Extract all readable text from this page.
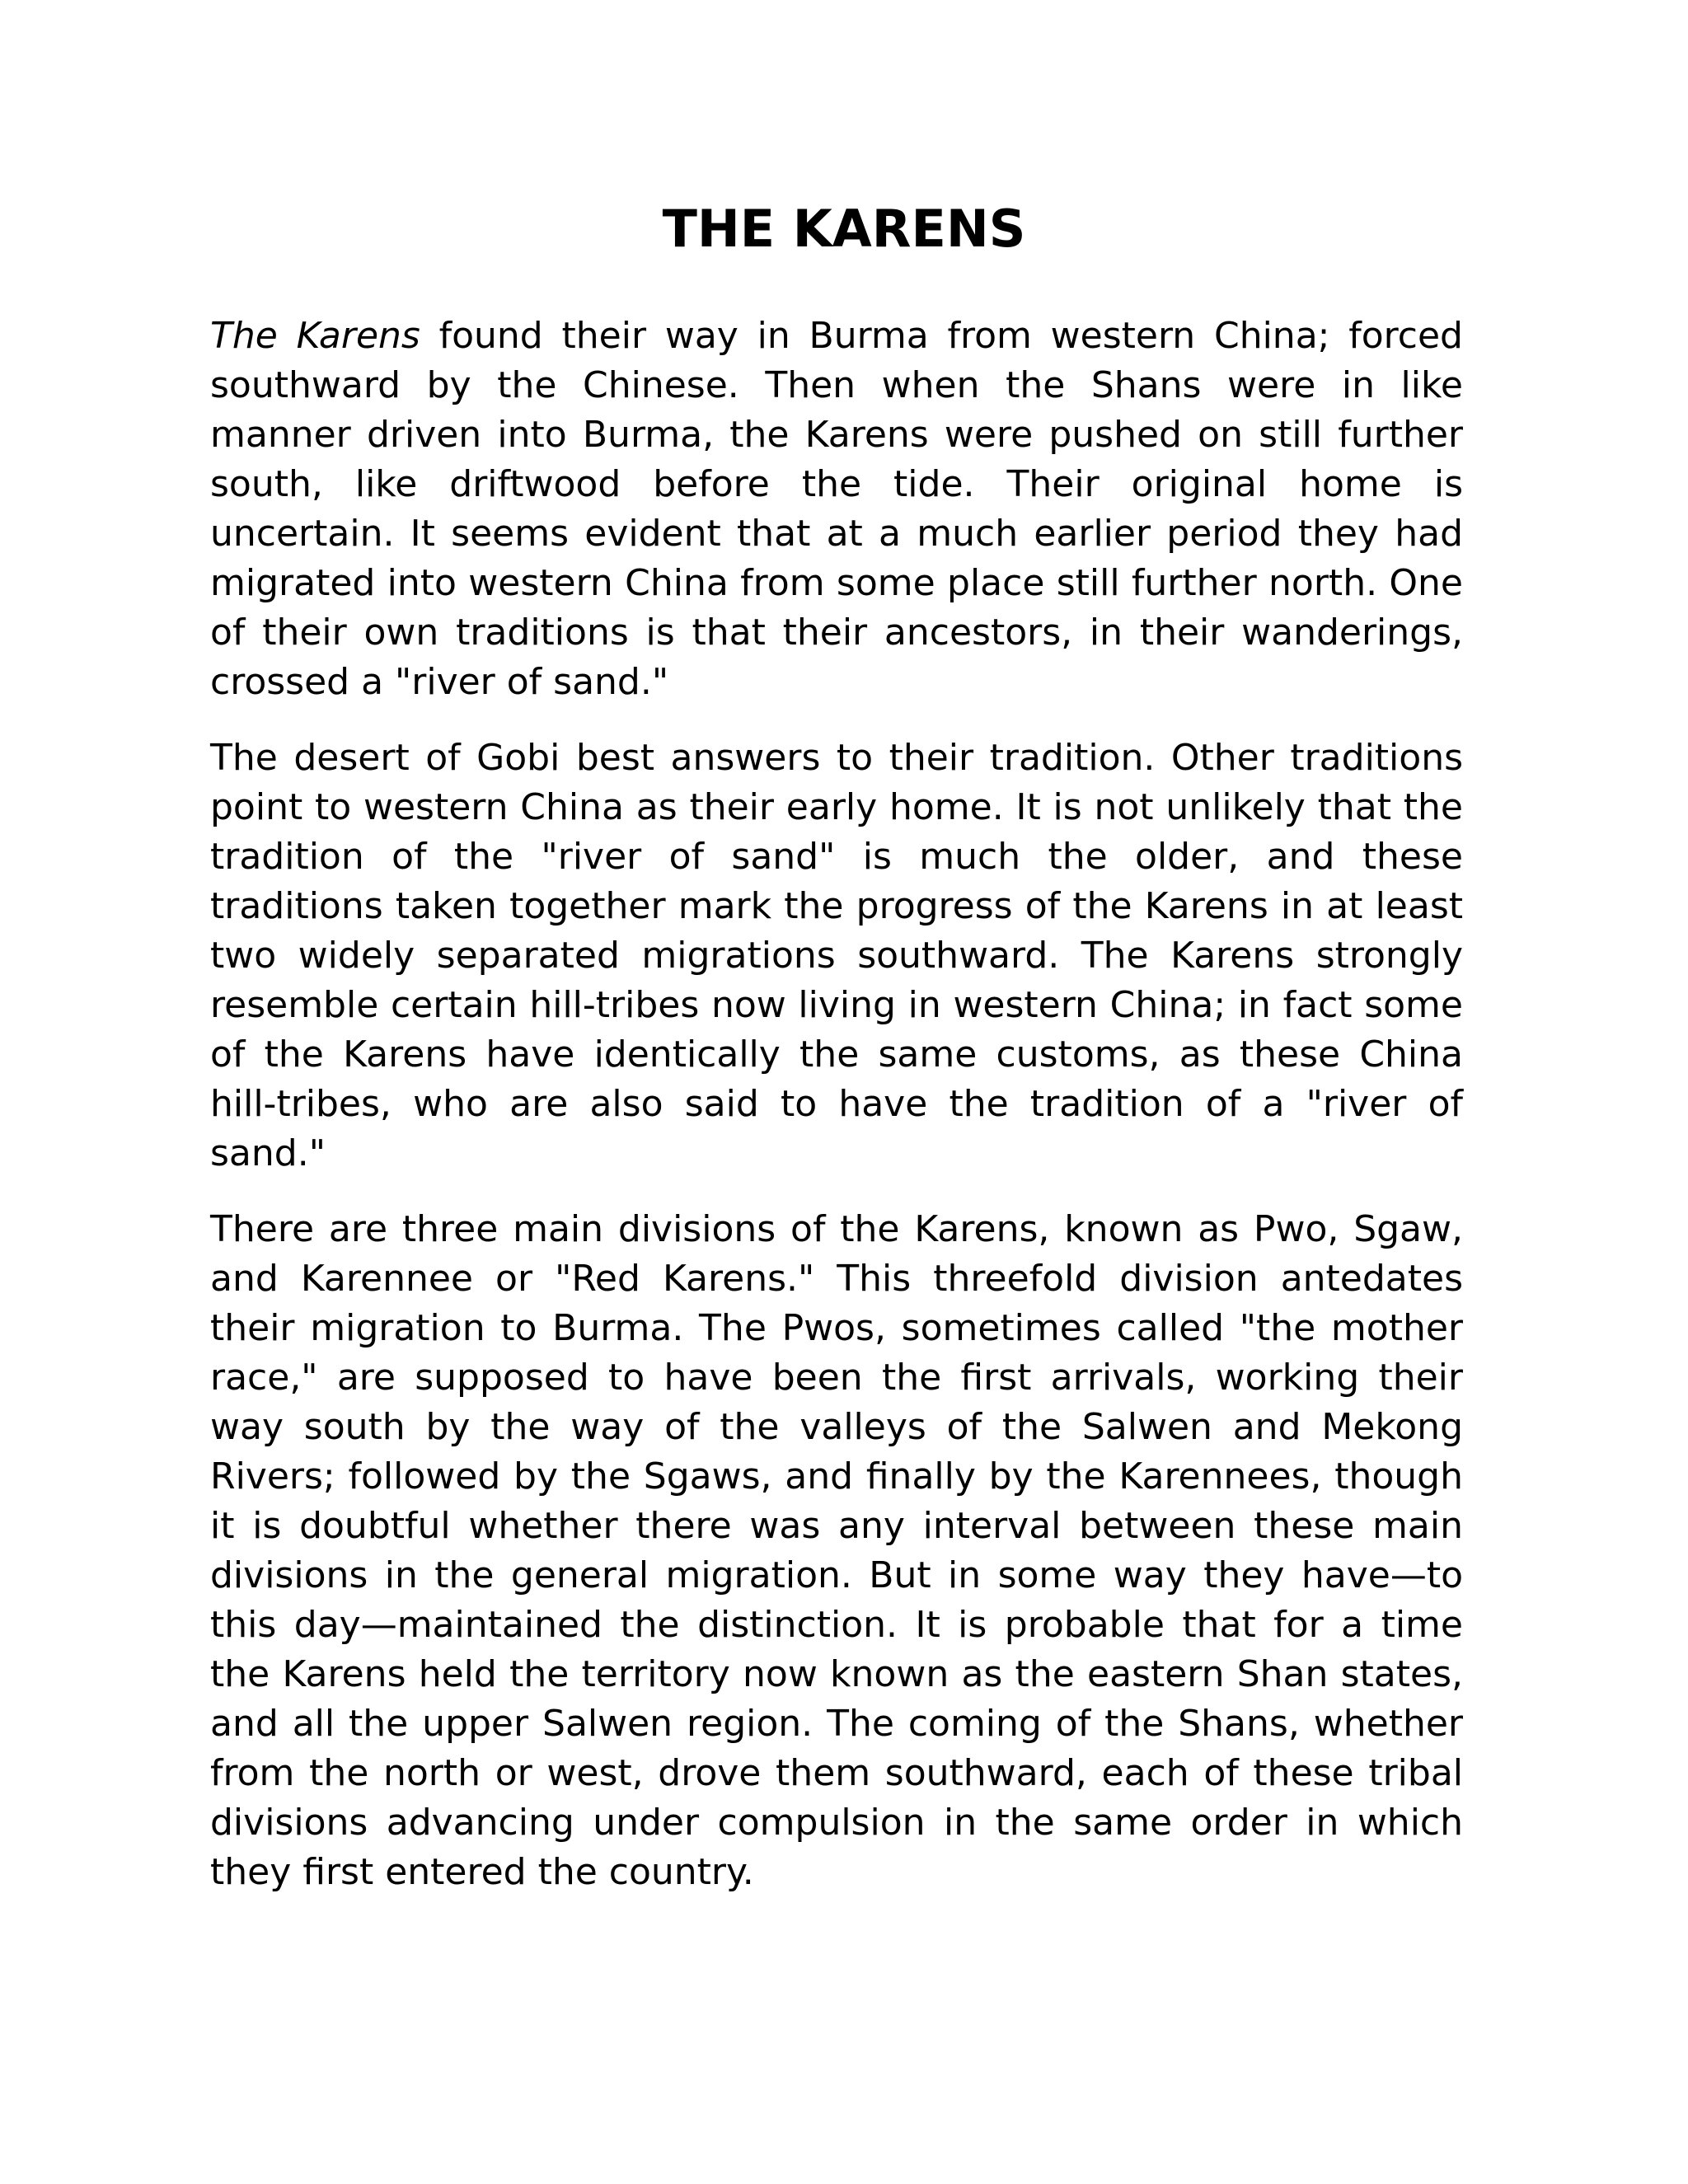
THE KARENS

The Karens found their way in Burma from western China; forced southward by the Chinese. Then when the Shans were in like manner driven into Burma, the Karens were pushed on still further south, like driftwood before the tide. Their original home is uncertain. It seems evident that at a much earlier period they had migrated into western China from some place still further north. One of their own traditions is that their ancestors, in their wanderings, crossed a "river of sand."

The desert of Gobi best answers to their tradition. Other traditions point to western China as their early home. It is not unlikely that the tradition of the "river of sand" is much the older, and these traditions taken together mark the progress of the Karens in at least two widely separated migrations southward. The Karens strongly resemble certain hill-tribes now living in western China; in fact some of the Karens have identically the same customs, as these China hill-tribes, who are also said to have the tradition of a "river of sand."

There are three main divisions of the Karens, known as Pwo, Sgaw, and Karennee or "Red Karens." This threefold division antedates their migration to Burma. The Pwos, sometimes called "the mother race," are supposed to have been the first arrivals, working their way south by the way of the valleys of the Salwen and Mekong Rivers; followed by the Sgaws, and finally by the Karennees, though it is doubtful whether there was any interval between these main divisions in the general migration. But in some way they have—to this day—maintained the distinction. It is probable that for a time the Karens held the territory now known as the eastern Shan states, and all the upper Salwen region. The coming of the Shans, whether from the north or west, drove them southward, each of these tribal divisions advancing under compulsion in the same order in which they first entered the country.
